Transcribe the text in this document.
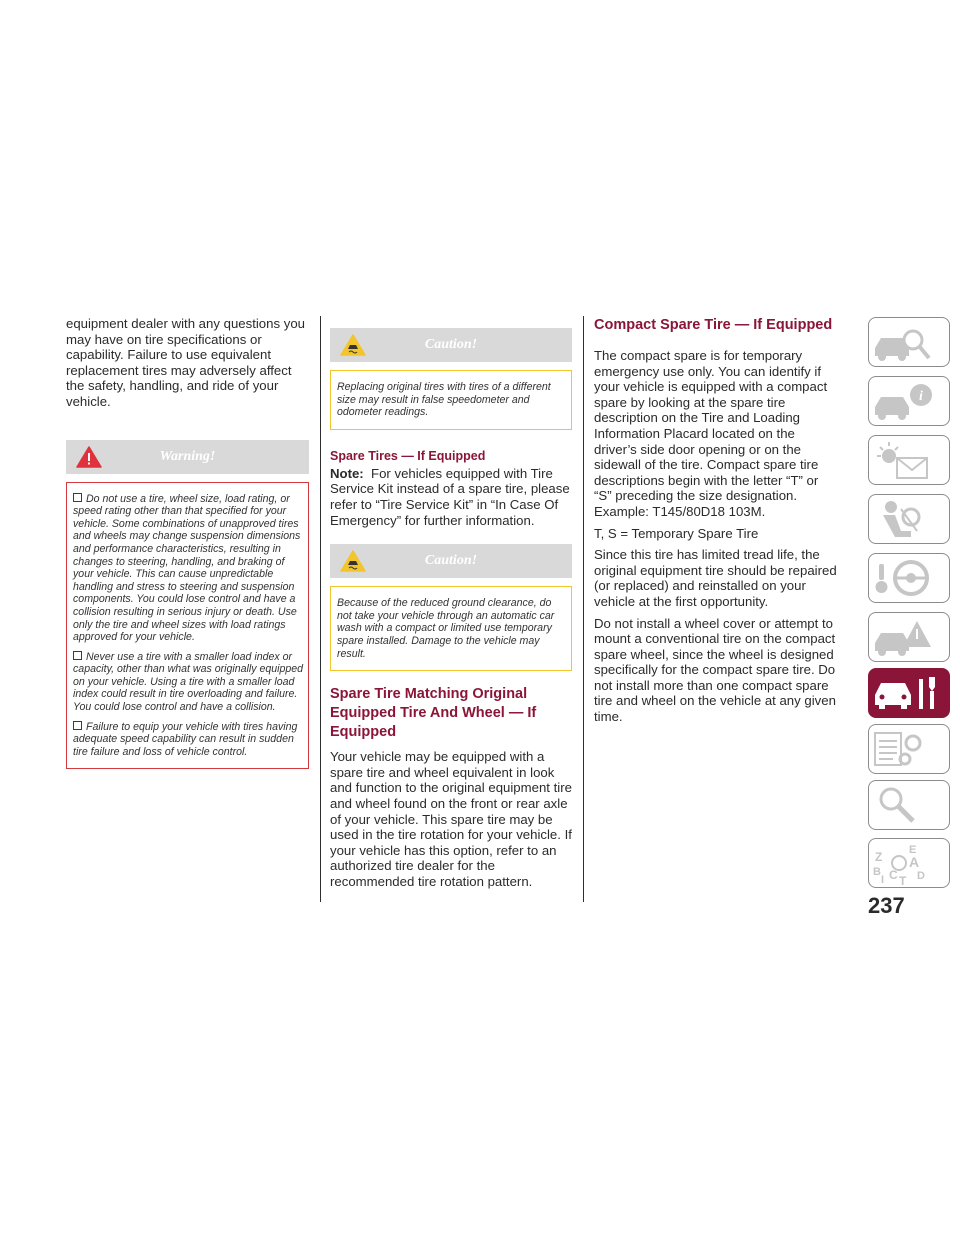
equipment dealer with any questions you may have on tire specifications or capability. Failure to use equivalent replacement tires may adversely affect the safety, handling, and ride of your vehicle.

Warning!

Do not use a tire, wheel size, load rating, or speed rating other than that specified for your vehicle. Some combinations of unapproved tires and wheels may change suspension dimensions and performance characteristics, resulting in changes to steering, handling, and braking of your vehicle. This can cause unpredictable handling and stress to steering and suspension components. You could lose control and have a collision resulting in serious injury or death. Use only the tire and wheel sizes with load ratings approved for your vehicle.

Never use a tire with a smaller load index or capacity, other than what was originally equipped on your vehicle. Using a tire with a smaller load index could result in tire overloading and failure. You could lose control and have a collision.

Failure to equip your vehicle with tires having adequate speed capability can result in sudden tire failure and loss of vehicle control.

Caution!

Replacing original tires with tires of a different size may result in false speedometer and odometer readings.

Spare Tires — If Equipped

Note: For vehicles equipped with Tire Service Kit instead of a spare tire, please refer to “Tire Service Kit” in “In Case Of Emergency” for further information.

Caution!

Because of the reduced ground clearance, do not take your vehicle through an automatic car wash with a compact or limited use temporary spare installed. Damage to the vehicle may result.

Spare Tire Matching Original Equipped Tire And Wheel — If Equipped

Your vehicle may be equipped with a spare tire and wheel equivalent in look and function to the original equipment tire and wheel found on the front or rear axle of your vehicle. This spare tire may be used in the tire rotation for your vehicle. If your vehicle has this option, refer to an authorized tire dealer for the recommended tire rotation pattern.

Compact Spare Tire — If Equipped

The compact spare is for temporary emergency use only. You can identify if your vehicle is equipped with a compact spare by looking at the spare tire description on the Tire and Loading Information Placard located on the driver’s side door opening or on the sidewall of the tire. Compact spare tire descriptions begin with the letter “T” or “S” preceding the size designation. Example: T145/80D18 103M.

T, S = Temporary Spare Tire

Since this tire has limited tread life, the original equipment tire should be repaired (or replaced) and reinstalled on your vehicle at the first opportunity.

Do not install a wheel cover or attempt to mount a conventional tire on the compact spare wheel, since the wheel is designed specifically for the compact spare tire. Do not install more than one compact spare tire and wheel on the vehicle at any given time.

i
Z E
A
B
I C T D
237
